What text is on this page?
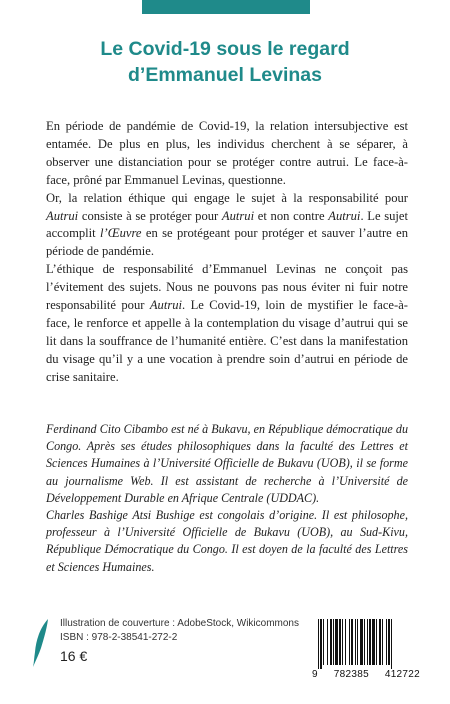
Le Covid-19 sous le regard
d’Emmanuel Levinas

En période de pandémie de Covid-19, la relation intersubjective est entamée. De plus en plus, les individus cherchent à se séparer, à observer une distanciation pour se protéger contre autrui. Le face-à-face, prôné par Emmanuel Levinas, questionne.

Or, la relation éthique qui engage le sujet à la responsabilité pour Autrui consiste à se protéger pour Autrui et non contre Autrui. Le sujet accomplit l’Œuvre en se protégeant pour protéger et sauver l’autre en période de pandémie.

L’éthique de responsabilité d’Emmanuel Levinas ne conçoit pas l’évitement des sujets. Nous ne pouvons pas nous éviter ni fuir notre responsabilité pour Autrui. Le Covid-19, loin de mystifier le face-à-face, le renforce et appelle à la contemplation du visage d’autrui qui se lit dans la souffrance de l’humanité entière. C’est dans la manifestation du visage qu’il y a une vocation à prendre soin d’autrui en période de crise sanitaire.

Ferdinand Cito Cibambo est né à Bukavu, en République démocratique du Congo. Après ses études philosophiques dans la faculté des Lettres et Sciences Humaines à l’Université Officielle de Bukavu (UOB), il se forme au journalisme Web. Il est assistant de recherche à l’Université de Développement Durable en Afrique Centrale (UDDAC).

Charles Bashige Atsi Bushige est congolais d’origine. Il est philosophe, professeur à l’Université Officielle de Bukavu (UOB), au Sud-Kivu, République Démocratique du Congo. Il est doyen de la faculté des Lettres et Sciences Humaines.

Illustration de couverture : AdobeStock, Wikicommons
ISBN : 978-2-38541-272-2
16 €
9 782385 412722
